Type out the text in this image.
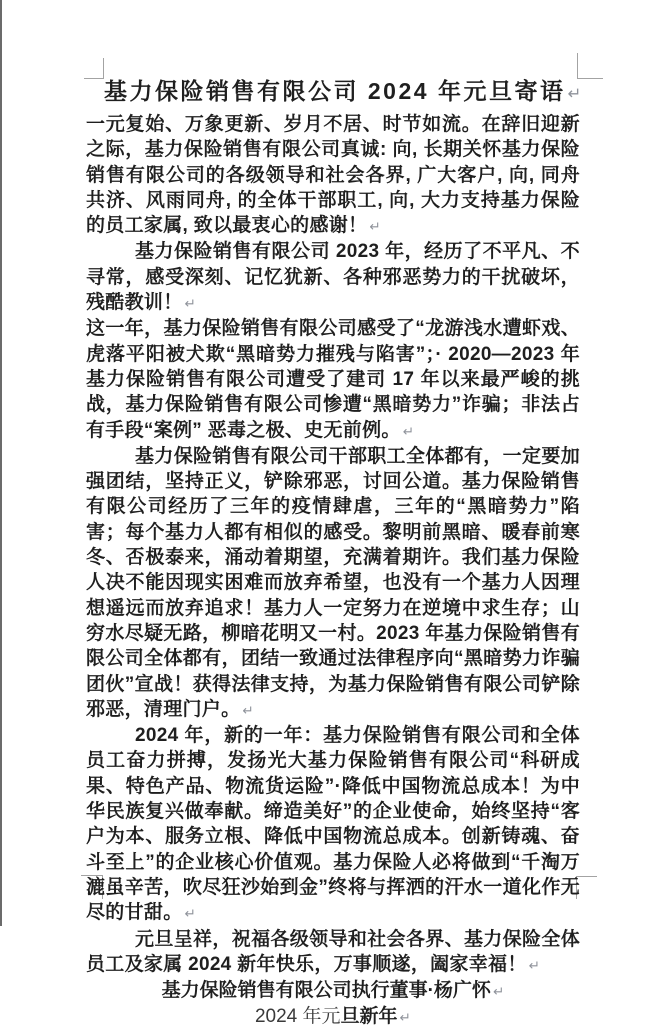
基力保险销售有限公司 2024 年元旦寄语 ↵

一元复始、万象更新、岁月不居、时节如流。在辞旧迎新之际，基力保险销售有限公司真诚: 向, 长期关怀基力保险销售有限公司的各级领导和社会各界, 广大客户, 向, 同舟共济、风雨同舟, 的全体干部职工, 向, 大力支持基力保险的员工家属, 致以最衷心的感谢！ ↵

基力保险销售有限公司 2023 年，经历了不平凡、不寻常，感受深刻、记忆犹新、各种邪恶势力的干扰破坏，残酷教训！ ↵

这一年，基力保险销售有限公司感受了“龙游浅水遭虾戏、虎落平阳被犬欺“黑暗势力摧残与陷害”；· 2020—2023 年基力保险销售有限公司遭受了建司 17 年以来最严峻的挑战，基力保险销售有限公司惨遭“黑暗势力”诈骗；非法占有手段“案例” 恶毒之极、史无前例。 ↵

基力保险销售有限公司干部职工全体都有，一定要加强团结，坚持正义，铲除邪恶，讨回公道。基力保险销售有限公司经历了三年的疫情肆虐，三年的“黑暗势力”陷害；每个基力人都有相似的感受。黎明前黑暗、暖春前寒冬、否极泰来，涌动着期望，充满着期许。我们基力保险人决不能因现实困难而放弃希望，也没有一个基力人因理想遥远而放弃追求！基力人一定努力在逆境中求生存；山穷水尽疑无路，柳暗花明又一村。2023 年基力保险销售有限公司全体都有，团结一致通过法律程序向“黑暗势力诈骗团伙”宣战！获得法律支持，为基力保险销售有限公司铲除邪恶，清理门户。 ↵

2024 年，新的一年：基力保险销售有限公司和全体员工奋力拼搏，发扬光大基力保险销售有限公司“科研成果、特色产品、物流货运险”·降低中国物流总成本！为中华民族复兴做奉献。缔造美好”的企业使命，始终坚持“客户为本、服务立根、降低中国物流总成本。创新铸魂、奋斗至上”的企业核心价值观。基力保险人必将做到“千淘万漉虽辛苦，吹尽狂沙始到金”终将与挥洒的汗水一道化作无尽的甘甜。 ↵

元旦呈祥，祝福各级领导和社会各界、基力保险全体员工及家属 2024 新年快乐，万事顺遂，阖家幸福！ ↵

基力保险销售有限公司执行董事·杨广怀 ↵

2024 年元旦新年 ↵
